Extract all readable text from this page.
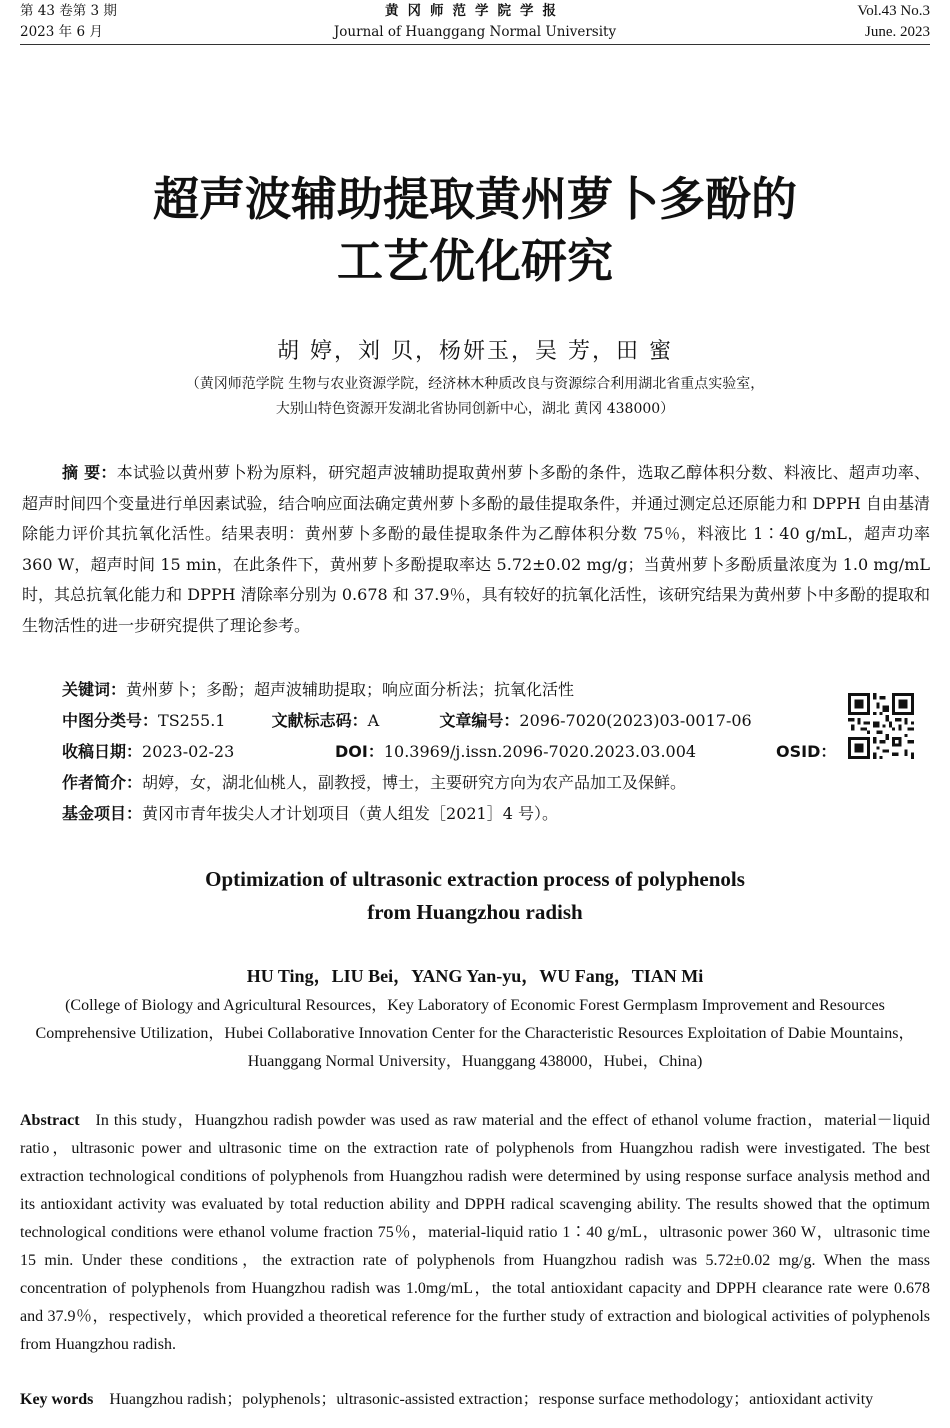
第 43 卷第 3 期
2023 年 6 月
黄冈师范学院学报
Journal of Huanggang Normal University
Vol.43 No.3
June. 2023
超声波辅助提取黄州萝卜多酚的
工艺优化研究
胡 婷，刘 贝，杨妍玉，吴 芳，田 蜜
（黄冈师范学院 生物与农业资源学院，经济林木种质改良与资源综合利用湖北省重点实验室，
大别山特色资源开发湖北省协同创新中心，湖北 黄冈 438000）
摘 要：本试验以黄州萝卜粉为原料，研究超声波辅助提取黄州萝卜多酚的条件，选取乙醇体积分数、料液比、超声功率、超声时间四个变量进行单因素试验，结合响应面法确定黄州萝卜多酚的最佳提取条件，并通过测定总还原能力和 DPPH 自由基清除能力评价其抗氧化活性。结果表明：黄州萝卜多酚的最佳提取条件为乙醇体积分数 75％，料液比 1∶40 g/mL，超声功率 360 W，超声时间 15 min，在此条件下，黄州萝卜多酚提取率达 5.72±0.02 mg/g；当黄州萝卜多酚质量浓度为 1.0 mg/mL 时，其总抗氧化能力和 DPPH 清除率分别为 0.678 和 37.9％，具有较好的抗氧化活性，该研究结果为黄州萝卜中多酚的提取和生物活性的进一步研究提供了理论参考。
关键词：黄州萝卜；多酚；超声波辅助提取；响应面分析法；抗氧化活性
中图分类号：TS255.1	文献标志码：A	文章编号：2096-7020(2023)03-0017-06
收稿日期：2023-02-23	DOI：10.3969/j.issn.2096-7020.2023.03.004	OSID：
作者简介：胡婷，女，湖北仙桃人，副教授，博士，主要研究方向为农产品加工及保鲜。
基金项目：黄冈市青年拔尖人才计划项目（黄人组发［2021］4 号）。
Optimization of ultrasonic extraction process of polyphenols
from Huangzhou radish
HU Ting，LIU Bei，YANG Yan-yu，WU Fang，TIAN Mi
(College of Biology and Agricultural Resources，Key Laboratory of Economic Forest Germplasm Improvement and Resources Comprehensive Utilization，Hubei Collaborative Innovation Center for the Characteristic Resources Exploitation of Dabie Mountains，Huanggang Normal University，Huanggang 438000，Hubei，China)
Abstract In this study，Huangzhou radish powder was used as raw material and the effect of ethanol volume fraction，material－liquid ratio，ultrasonic power and ultrasonic time on the extraction rate of polyphenols from Huangzhou radish were investigated. The best extraction technological conditions of polyphenols from Huangzhou radish were determined by using response surface analysis method and its antioxidant activity was evaluated by total reduction ability and DPPH radical scavenging ability. The results showed that the optimum technological conditions were ethanol volume fraction 75％，material-liquid ratio 1∶40 g/mL，ultrasonic power 360 W，ultrasonic time 15 min. Under these conditions，the extraction rate of polyphenols from Huangzhou radish was 5.72±0.02 mg/g. When the mass concentration of polyphenols from Huangzhou radish was 1.0mg/mL，the total antioxidant capacity and DPPH clearance rate were 0.678 and 37.9％，respectively，which provided a theoretical reference for the further study of extraction and biological activities of polyphenols from Huangzhou radish.
Key words Huangzhou radish；polyphenols；ultrasonic-assisted extraction；response surface methodology；antioxidant activity
